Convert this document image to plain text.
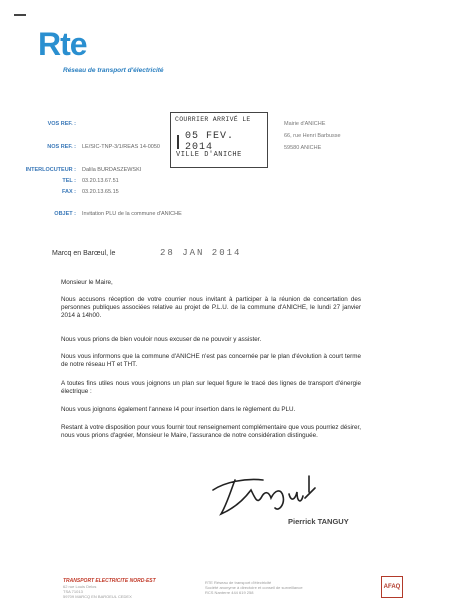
Rte
Réseau de transport d'électricité
VOS REF. :
NOS REF. : LE/SIC-TNP-3/1/REAS 14-0050
INTERLOCUTEUR : Dalila BURDASZEWSKI
TEL : 03.20.13.67.51
FAX : 03.20.13.65.15
OBJET : Invitation PLU de la commune d'ANICHE
COURRIER ARRIVÉ LE
05 FEV. 2014
VILLE D'ANICHE
Mairie d'ANICHE
66, rue Henri Barbusse
59580 ANICHE
Marcq en Barœul, le	28 JAN 2014
Monsieur le Maire,
Nous accusons réception de votre courrier nous invitant à participer à la réunion de concertation des personnes publiques associées relative au projet de P.L.U. de la commune d'ANICHE, le lundi 27 janvier 2014 à 14h00.
Nous vous prions de bien vouloir nous excuser de ne pouvoir y assister.
Nous vous informons que la commune d'ANICHE n'est pas concernée par le plan d'évolution à court terme de notre réseau HT et THT.
A toutes fins utiles nous vous joignons un plan sur lequel figure le tracé des lignes de transport d'énergie électrique :
Nous vous joignons également l'annexe I4 pour insertion dans le règlement du PLU.
Restant à votre disposition pour vous fournir tout renseignement complémentaire que vous pourriez désirer, nous vous prions d'agréer, Monsieur le Maire, l'assurance de notre considération distinguée.
Pierrick TANGUY
TRANSPORT ELECTRICITE NORD-EST
62 rue Louis Delos
TSA 71013
59709 MARCQ EN BAROEUL CEDEX
RTE Réseau de transport d'électricité
Société anonyme à directoire et conseil de surveillance
RCS Nanterre 444 619 258
AFAQ
